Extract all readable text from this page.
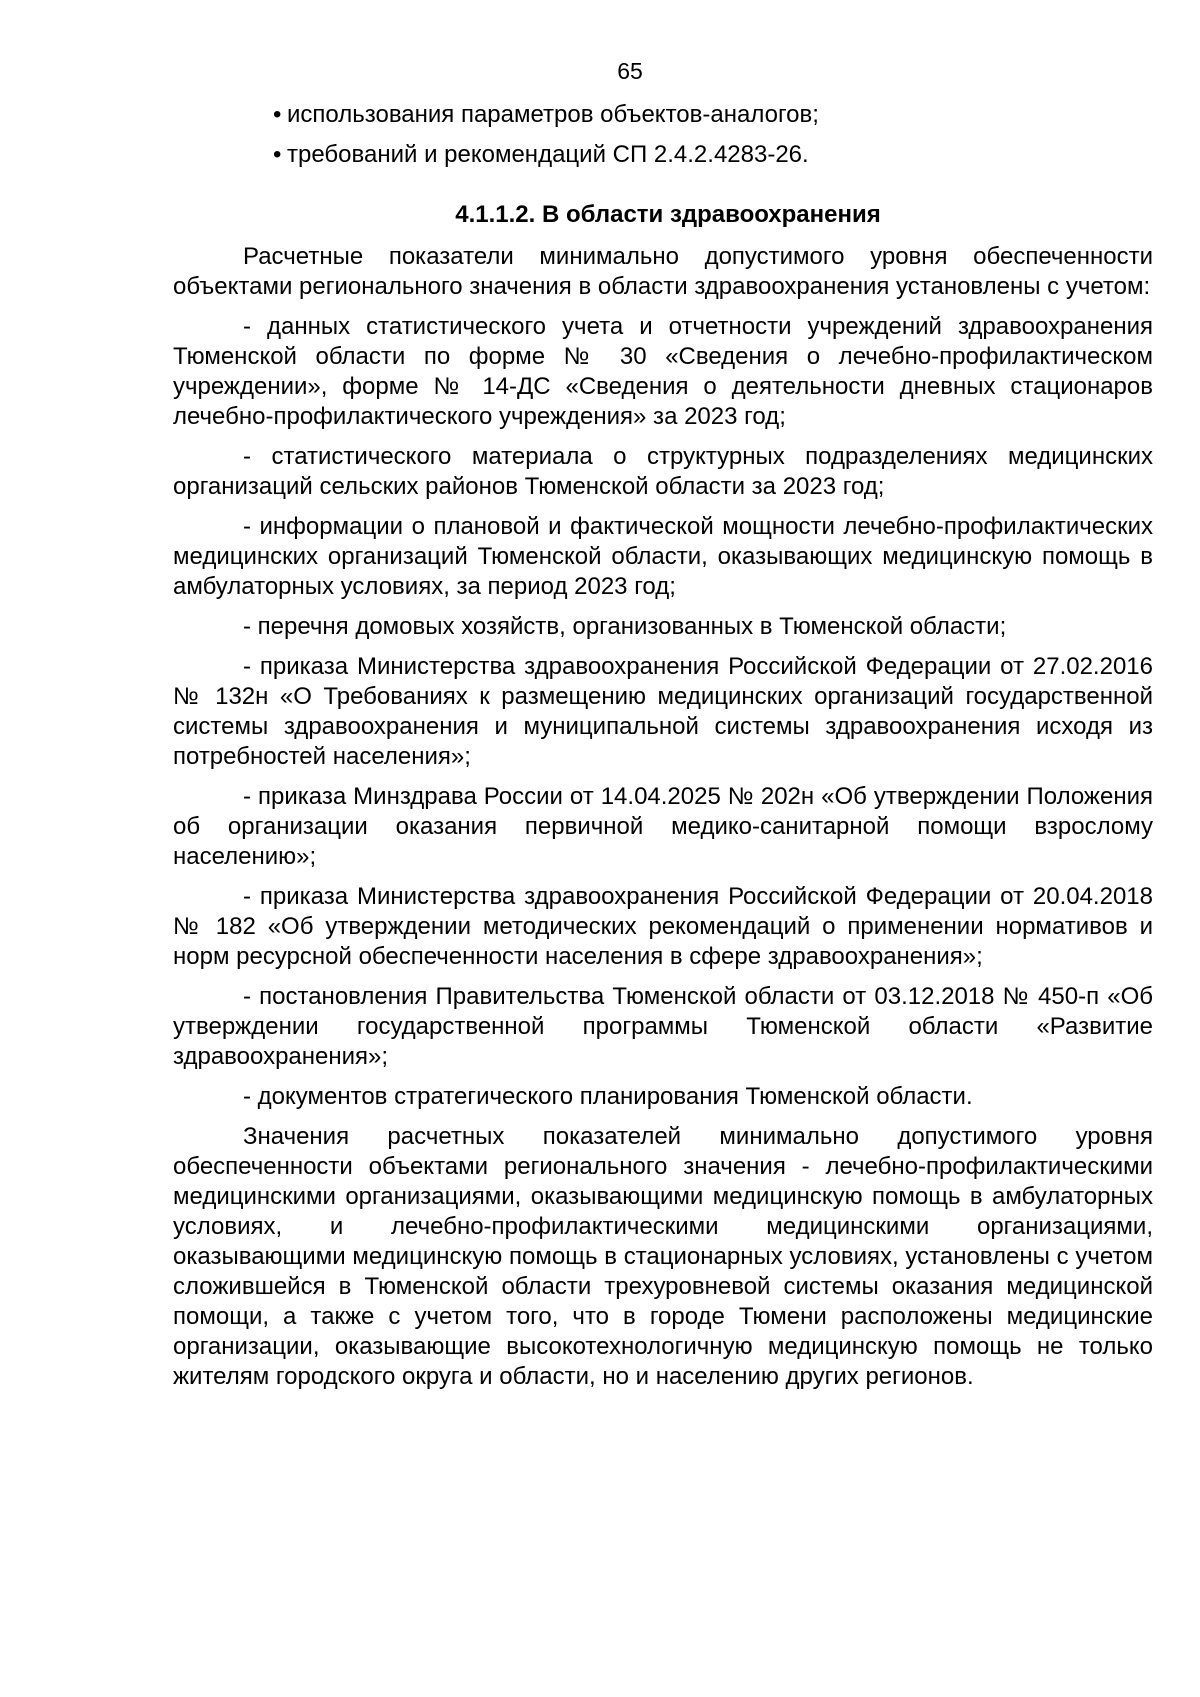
65
• использования параметров объектов-аналогов;
• требований и рекомендаций СП 2.4.2.4283-26.
4.1.1.2. В области здравоохранения

Расчетные показатели минимально допустимого уровня обеспеченности объектами регионального значения в области здравоохранения установлены с учетом:

- данных статистического учета и отчетности учреждений здравоохранения Тюменской области по форме № 30 «Сведения о лечебно-профилактическом учреждении», форме № 14-ДС «Сведения о деятельности дневных стационаров лечебно-профилактического учреждения» за 2023 год;

- статистического материала о структурных подразделениях медицинских организаций сельских районов Тюменской области за 2023 год;

- информации о плановой и фактической мощности лечебно-профилактических медицинских организаций Тюменской области, оказывающих медицинскую помощь в амбулаторных условиях, за период 2023 год;

- перечня домовых хозяйств, организованных в Тюменской области;

- приказа Министерства здравоохранения Российской Федерации от 27.02.2016 № 132н «О Требованиях к размещению медицинских организаций государственной системы здравоохранения и муниципальной системы здравоохранения исходя из потребностей населения»;

- приказа Минздрава России от 14.04.2025 № 202н «Об утверждении Положения об организации оказания первичной медико-санитарной помощи взрослому населению»;

- приказа Министерства здравоохранения Российской Федерации от 20.04.2018 № 182 «Об утверждении методических рекомендаций о применении нормативов и норм ресурсной обеспеченности населения в сфере здравоохранения»;

- постановления Правительства Тюменской области от 03.12.2018 № 450-п «Об утверждении государственной программы Тюменской области «Развитие здравоохранения»;

- документов стратегического планирования Тюменской области.

Значения расчетных показателей минимально допустимого уровня обеспеченности объектами регионального значения - лечебно-профилактическими медицинскими организациями, оказывающими медицинскую помощь в амбулаторных условиях, и лечебно-профилактическими медицинскими организациями, оказывающими медицинскую помощь в стационарных условиях, установлены с учетом сложившейся в Тюменской области трехуровневой системы оказания медицинской помощи, а также с учетом того, что в городе Тюмени расположены медицинские организации, оказывающие высокотехнологичную медицинскую помощь не только жителям городского округа и области, но и населению других регионов.
